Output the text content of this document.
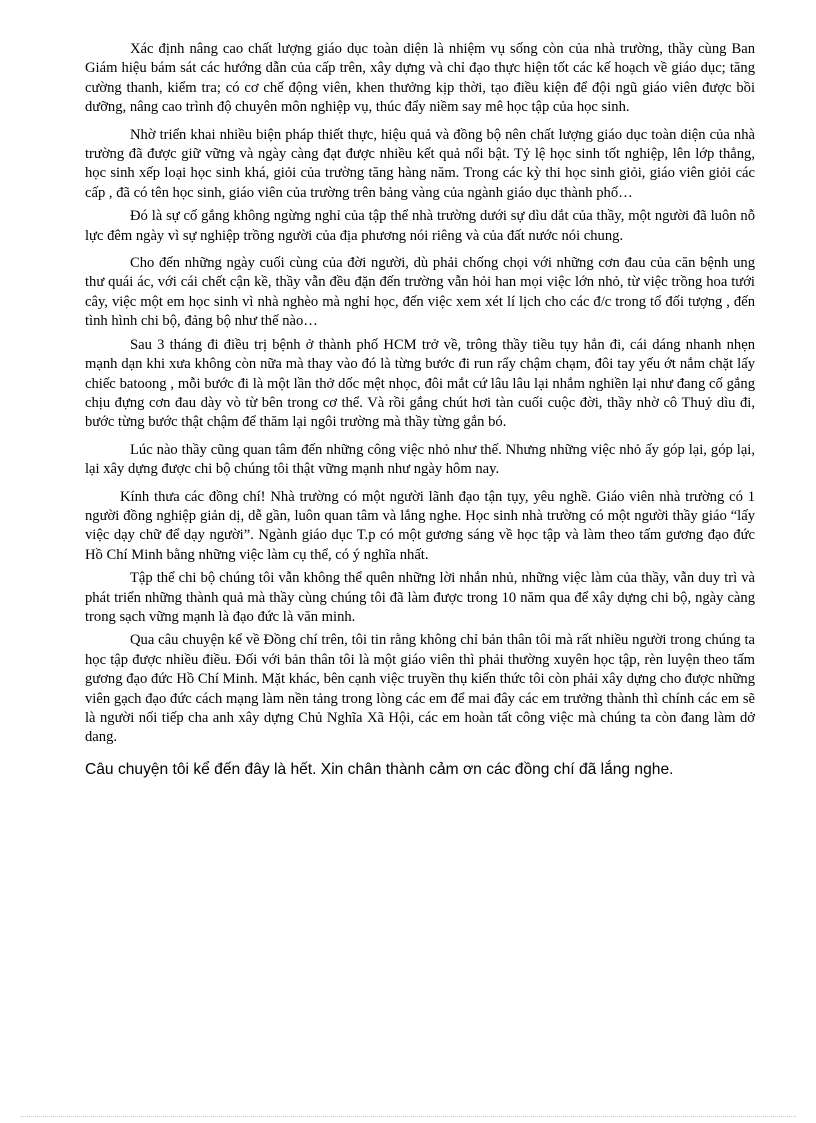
Xác định nâng cao chất lượng giáo dục toàn diện là nhiệm vụ sống còn của nhà trường, thầy cùng Ban Giám hiệu bám sát các hướng dẫn của cấp trên, xây dựng và chỉ đạo thực hiện tốt các kế hoạch về giáo dục; tăng cường thanh, kiểm tra; có cơ chế động viên, khen thưởng kịp thời, tạo điều kiện để đội ngũ giáo viên được bồi dưỡng, nâng cao trình độ chuyên môn nghiệp vụ, thúc đẩy niềm say mê học tập của học sinh.

Nhờ triển khai nhiều biện pháp thiết thực, hiệu quả và đồng bộ nên chất lượng giáo dục toàn diện của nhà trường đã được giữ vững và ngày càng đạt được nhiều kết quả nổi bật. Tỷ lệ học sinh tốt nghiệp, lên lớp thẳng, học sinh xếp loại học sinh khá, giỏi của trường tăng hàng năm. Trong các kỳ thi học sinh giỏi, giáo viên giỏi các cấp , đã có tên học sinh, giáo viên của trường trên bảng vàng của ngành giáo dục thành phố…

Đó là sự cố gắng không ngừng nghỉ của tập thể nhà trường dưới sự dìu dắt của thầy, một người đã luôn nỗ lực đêm ngày vì sự nghiệp trồng người của địa phương nói riêng và của đất nước nói chung.

Cho đến những ngày cuối cùng của đời người, dù phải chống chọi với những cơn đau của căn bệnh ung thư quái ác, với cái chết cận kề, thầy vẫn đều đặn đến trường vẫn hỏi han mọi việc lớn nhỏ, từ việc trồng hoa tưới cây, việc một em học sinh vì nhà nghèo mà nghỉ học, đến việc xem xét lí lịch cho các đ/c trong tổ đối tượng , đến tình hình chi bộ, đảng bộ như thế nào…

Sau 3 tháng đi điều trị bệnh ở thành phố HCM trở về, trông thầy tiều tụy hẳn đi, cái dáng nhanh nhẹn mạnh dạn khi xưa không còn nữa mà thay vào đó là từng bước đi run rẩy chậm chạm, đôi tay yếu ớt nắm chặt lấy chiếc batoong , mỗi bước đi là một lần thở dốc mệt nhọc, đôi mắt cứ lâu lâu lại nhắm nghiền lại như đang cố gắng chịu đựng cơn đau dày vò từ bên trong cơ thể. Và rồi gắng chút hơi tàn cuối cuộc đời, thầy nhờ cô Thuỷ dìu đi, bước từng bước thật chậm để thăm lại ngôi trường mà thầy từng gắn bó.

Lúc nào thầy cũng quan tâm đến những công việc nhỏ như thế. Nhưng những việc nhỏ ấy góp lại, góp lại, lại xây dựng được chi bộ chúng tôi thật vững mạnh như ngày hôm nay.

Kính thưa các đồng chí! Nhà trường có một người lãnh đạo tận tụy, yêu nghề. Giáo viên nhà trường có 1 người đồng nghiệp giản dị, dễ gần, luôn quan tâm và lắng nghe. Học sinh nhà trường có một người thầy giáo “lấy việc dạy chữ để dạy người”. Ngành giáo dục T.p có một gương sáng về học tập và làm theo tấm gương đạo đức Hồ Chí Minh bằng những việc làm cụ thể, có ý nghĩa nhất.

Tập thể chi bộ chúng tôi vẫn không thể quên những lời nhắn nhủ, những việc làm của thầy, vẫn duy trì và phát triển những thành quả mà thầy cùng chúng tôi đã làm được trong 10 năm qua để xây dựng chi bộ, ngày càng trong sạch vững mạnh là đạo đức là văn minh.

Qua câu chuyện kể về Đồng chí trên, tôi tin rằng không chỉ bản thân tôi mà rất nhiều người trong chúng ta học tập được nhiều điều. Đối với bản thân tôi là một giáo viên thì phải thường xuyên học tập, rèn luyện theo tấm gương đạo đức Hồ Chí Minh. Mặt khác, bên cạnh việc truyền thụ kiến thức tôi còn phải xây dựng cho được những viên gạch đạo đức cách mạng làm nền tảng trong lòng các em để mai đây các em trưởng thành thì chính các em sẽ là người nối tiếp cha anh xây dựng Chủ Nghĩa Xã Hội, các em hoàn tất công việc mà chúng ta còn đang làm dở dang.

Câu chuyện tôi kể đến đây là hết. Xin chân thành cảm ơn các đồng chí đã lắng nghe.
